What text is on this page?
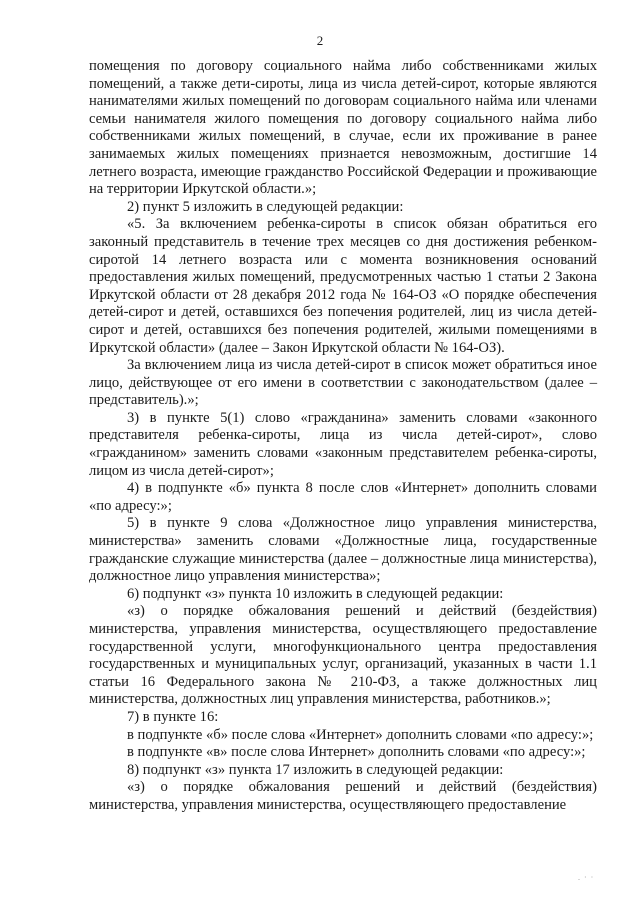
2

помещения по договору социального найма либо собственниками жилых помещений, а также дети-сироты, лица из числа детей-сирот, которые являются нанимателями жилых помещений по договорам социального найма или членами семьи нанимателя жилого помещения по договору социального найма либо собственниками жилых помещений, в случае, если их проживание в ранее занимаемых жилых помещениях признается невозможным, достигшие 14 летнего возраста, имеющие гражданство Российской Федерации и проживающие на территории Иркутской области.»;

2) пункт 5 изложить в следующей редакции:

«5. За включением ребенка-сироты в список обязан обратиться его законный представитель в течение трех месяцев со дня достижения ребенком-сиротой 14 летнего возраста или с момента возникновения оснований предоставления жилых помещений, предусмотренных частью 1 статьи 2 Закона Иркутской области от 28 декабря 2012 года № 164-ОЗ «О порядке обеспечения детей-сирот и детей, оставшихся без попечения родителей, лиц из числа детей-сирот и детей, оставшихся без попечения родителей, жилыми помещениями в Иркутской области» (далее – Закон Иркутской области № 164-ОЗ).

За включением лица из числа детей-сирот в список может обратиться иное лицо, действующее от его имени в соответствии с законодательством (далее – представитель).»;

3) в пункте 5(1) слово «гражданина» заменить словами «законного представителя ребенка-сироты, лица из числа детей-сирот», слово «гражданином» заменить словами «законным представителем ребенка-сироты, лицом из числа детей-сирот»;

4) в подпункте «б» пункта 8 после слов «Интернет» дополнить словами «по адресу:»;

5) в пункте 9 слова «Должностное лицо управления министерства, министерства» заменить словами «Должностные лица, государственные гражданские служащие министерства (далее – должностные лица министерства), должностное лицо управления министерства»;

6) подпункт «з» пункта 10 изложить в следующей редакции:

«з) о порядке обжалования решений и действий (бездействия) министерства, управления министерства, осуществляющего предоставление государственной услуги, многофункционального центра предоставления государственных и муниципальных услуг, организаций, указанных в части 1.1 статьи 16 Федерального закона № 210-ФЗ, а также должностных лиц министерства, должностных лиц управления министерства, работников.»;

7) в пункте 16:

в подпункте «б» после слова «Интернет» дополнить словами «по адресу:»;

в подпункте «в» после слова Интернет» дополнить словами «по адресу:»;

8) подпункт «з» пункта 17 изложить в следующей редакции:

«з) о порядке обжалования решений и действий (бездействия) министерства, управления министерства, осуществляющего предоставление

. · ·
